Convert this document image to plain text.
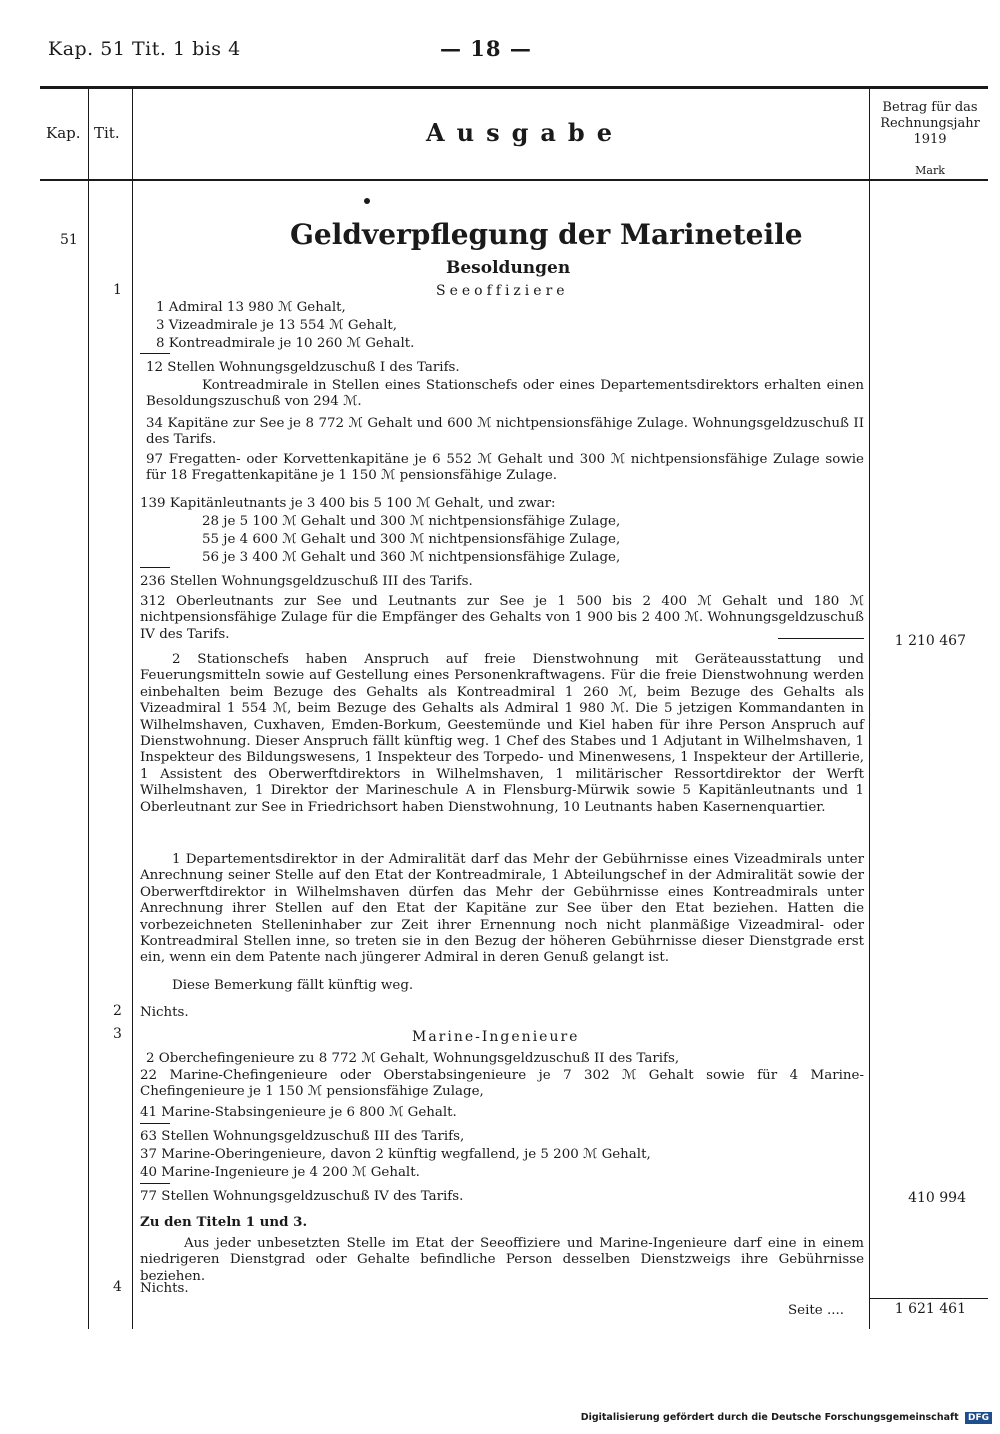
Kap. 51 Tit. 1 bis 4	— 18 —
Kap. Tit.	Ausgabe
Betrag für das
Rechnungsjahr
1919
Mark
51	Geldverpflegung der Marineteile
Besoldungen
1	Seeoffiziere
1 Admiral 13 980 ℳ Gehalt,
3 Vizeadmirale je 13 554 ℳ Gehalt,
8 Kontreadmirale je 10 260 ℳ Gehalt.
12 Stellen Wohnungsgeldzuschuß I des Tarifs.
Kontreadmirale in Stellen eines Stationschefs oder eines Departementsdirektors erhalten einen Besoldungszuschuß von 294 ℳ.
34 Kapitäne zur See je 8 772 ℳ Gehalt und 600 ℳ nichtpensionsfähige Zulage. Wohnungsgeldzuschuß II des Tarifs.
97 Fregatten- oder Korvettenkapitäne je 6 552 ℳ Gehalt und 300 ℳ nichtpensionsfähige Zulage sowie für 18 Fregattenkapitäne je 1 150 ℳ pensionsfähige Zulage.
139 Kapitänleutnants je 3 400 bis 5 100 ℳ Gehalt, und zwar:
28 je 5 100 ℳ Gehalt und 300 ℳ nichtpensionsfähige Zulage,
55 je 4 600 ℳ Gehalt und 300 ℳ nichtpensionsfähige Zulage,
56 je 3 400 ℳ Gehalt und 360 ℳ nichtpensionsfähige Zulage,
236 Stellen Wohnungsgeldzuschuß III des Tarifs.
312 Oberleutnants zur See und Leutnants zur See je 1 500 bis 2 400 ℳ Gehalt und 180 ℳ nichtpensionsfähige Zulage für die Empfänger des Gehalts von 1 900 bis 2 400 ℳ. Wohnungsgeldzuschuß IV des Tarifs.	1 210 467
2 Stationschefs haben Anspruch auf freie Dienstwohnung mit Geräteausstattung und Feuerungsmitteln sowie auf Gestellung eines Personenkraftwagens. Für die freie Dienstwohnung werden einbehalten beim Bezuge des Gehalts als Kontreadmiral 1 260 ℳ, beim Bezuge des Gehalts als Vizeadmiral 1 554 ℳ, beim Bezuge des Gehalts als Admiral 1 980 ℳ. Die 5 jetzigen Kommandanten in Wilhelmshaven, Cuxhaven, Emden-Borkum, Geestemünde und Kiel haben für ihre Person Anspruch auf Dienstwohnung. Dieser Anspruch fällt künftig weg. 1 Chef des Stabes und 1 Adjutant in Wilhelmshaven, 1 Inspekteur des Bildungswesens, 1 Inspekteur des Torpedo- und Minenwesens, 1 Inspekteur der Artillerie, 1 Assistent des Oberwerftdirektors in Wilhelmshaven, 1 militärischer Ressortdirektor der Werft Wilhelmshaven, 1 Direktor der Marineschule A in Flensburg-Mürwik sowie 5 Kapitänleutnants und 1 Oberleutnant zur See in Friedrichsort haben Dienstwohnung, 10 Leutnants haben Kasernenquartier.
1 Departementsdirektor in der Admiralität darf das Mehr der Gebührnisse eines Vizeadmirals unter Anrechnung seiner Stelle auf den Etat der Kontreadmirale, 1 Abteilungschef in der Admiralität sowie der Oberwerftdirektor in Wilhelmshaven dürfen das Mehr der Gebührnisse eines Kontreadmirals unter Anrechnung ihrer Stellen auf den Etat der Kapitäne zur See über den Etat beziehen. Hatten die vorbezeichneten Stelleninhaber zur Zeit ihrer Ernennung noch nicht planmäßige Vizeadmiral- oder Kontreadmiral Stellen inne, so treten sie in den Bezug der höheren Gebührnisse dieser Dienstgrade erst ein, wenn ein dem Patente nach jüngerer Admiral in deren Genuß gelangt ist.
Diese Bemerkung fällt künftig weg.
2 Nichts.
3	Marine-Ingenieure
2 Oberchefingenieure zu 8 772 ℳ Gehalt, Wohnungsgeldzuschuß II des Tarifs,
22 Marine-Chefingenieure oder Oberstabsingenieure je 7 302 ℳ Gehalt sowie für 4 Marine-Chefingenieure je 1 150 ℳ pensionsfähige Zulage,
41 Marine-Stabsingenieure je 6 800 ℳ Gehalt.
63 Stellen Wohnungsgeldzuschuß III des Tarifs,
37 Marine-Oberingenieure, davon 2 künftig wegfallend, je 5 200 ℳ Gehalt,
40 Marine-Ingenieure je 4 200 ℳ Gehalt.
77 Stellen Wohnungsgeldzuschuß IV des Tarifs.	410 994
Zu den Titeln 1 und 3.
Aus jeder unbesetzten Stelle im Etat der Seeoffiziere und Marine-Ingenieure darf eine in einem niedrigeren Dienstgrad oder Gehalte befindliche Person desselben Dienstzweigs ihre Gebührnisse beziehen.
4 Nichts.
Seite ....	1 621 461
Digitalisierung gefördert durch die Deutsche Forschungsgemeinschaft DFG
